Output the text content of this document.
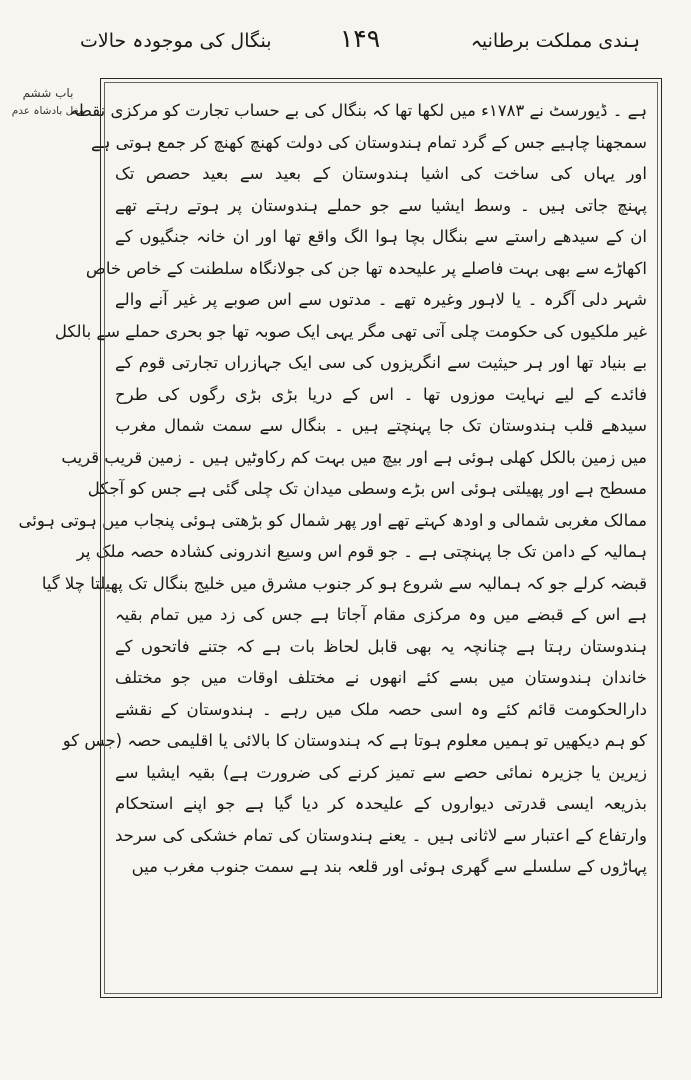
ہندی مملکت برطانیہ
۱۴۹
بنگال کی موجودہ حالات
باب ششم
مغل بادشاہ عدم
ہے ۔ ڈیورسٹ نے ۱۷۸۳ء میں لکھا تھا کہ بنگال کی بے حساب تجارت کو مرکزی نقطہ
سمجھنا چاہیے جس کے گرد تمام ہندوستان کی دولت کھنچ کھنچ کر جمع ہوتی ہے
اور یہاں کی ساخت کی اشیا ہندوستان کے بعید سے بعید حصص تک
پہنچ جاتی ہیں ۔ وسط ایشیا سے جو حملے ہندوستان پر ہوتے رہتے تھے
ان کے سیدھے راستے سے بنگال بچا ہوا الگ واقع تھا اور ان خانہ جنگیوں کے
اکھاڑے سے بھی بہت فاصلے پر علیحدہ تھا جن کی جولانگاہ سلطنت کے خاص خاص
شہر دلی آگرہ ۔ یا لاہور وغیرہ تھے ۔ مدتوں سے اس صوبے پر غیر آنے والے
غیر ملکیوں کی حکومت چلی آتی تھی مگر یہی ایک صوبہ تھا جو بحری حملے سے بالکل
بے بنیاد تھا اور ہر حیثیت سے انگریزوں کی سی ایک جہازراں تجارتی قوم کے
فائدے کے لیے نہایت موزوں تھا ۔ اس کے دریا بڑی بڑی رگوں کی طرح
سیدھے قلب ہندوستان تک جا پہنچتے ہیں ۔ بنگال سے سمت شمال مغرب
میں زمین بالکل کھلی ہوئی ہے اور بیچ میں بہت کم رکاوٹیں ہیں ۔ زمین قریب قریب
مسطح ہے اور پھیلتی ہوئی اس بڑے وسطی میدان تک چلی گئی ہے جس کو آجکل
ممالک مغربی شمالی و اودھ کہتے تھے اور پھر شمال کو بڑھتی ہوئی پنجاب میں ہوتی ہوئی
ہمالیہ کے دامن تک جا پہنچتی ہے ۔ جو قوم اس وسیع اندرونی کشادہ حصہ ملک پر
قبضہ کرلے جو کہ ہمالیہ سے شروع ہو کر جنوب مشرق میں خلیج بنگال تک پھیلتا چلا گیا
ہے اس کے قبضے میں وہ مرکزی مقام آجاتا ہے جس کی زد میں تمام بقیہ
ہندوستان رہتا ہے چنانچہ یہ بھی قابل لحاظ بات ہے کہ جتنے فاتحوں کے
خاندان ہندوستان میں بسے کئے انھوں نے مختلف اوقات میں جو مختلف
دارالحکومت قائم کئے وہ اسی حصہ ملک میں رہے ۔ ہندوستان کے نقشے
کو ہم دیکھیں تو ہمیں معلوم ہوتا ہے کہ ہندوستان کا بالائی یا اقلیمی حصہ (جس کو
زیرین یا جزیرہ نمائی حصے سے تمیز کرنے کی ضرورت ہے) بقیہ ایشیا سے
بذریعہ ایسی قدرتی دیواروں کے علیحدہ کر دیا گیا ہے جو اپنے استحکام
وارتفاع کے اعتبار سے لاثانی ہیں ۔ یعنے ہندوستان کی تمام خشکی کی سرحد
پہاڑوں کے سلسلے سے گھری ہوئی اور قلعہ بند ہے سمت جنوب مغرب میں
